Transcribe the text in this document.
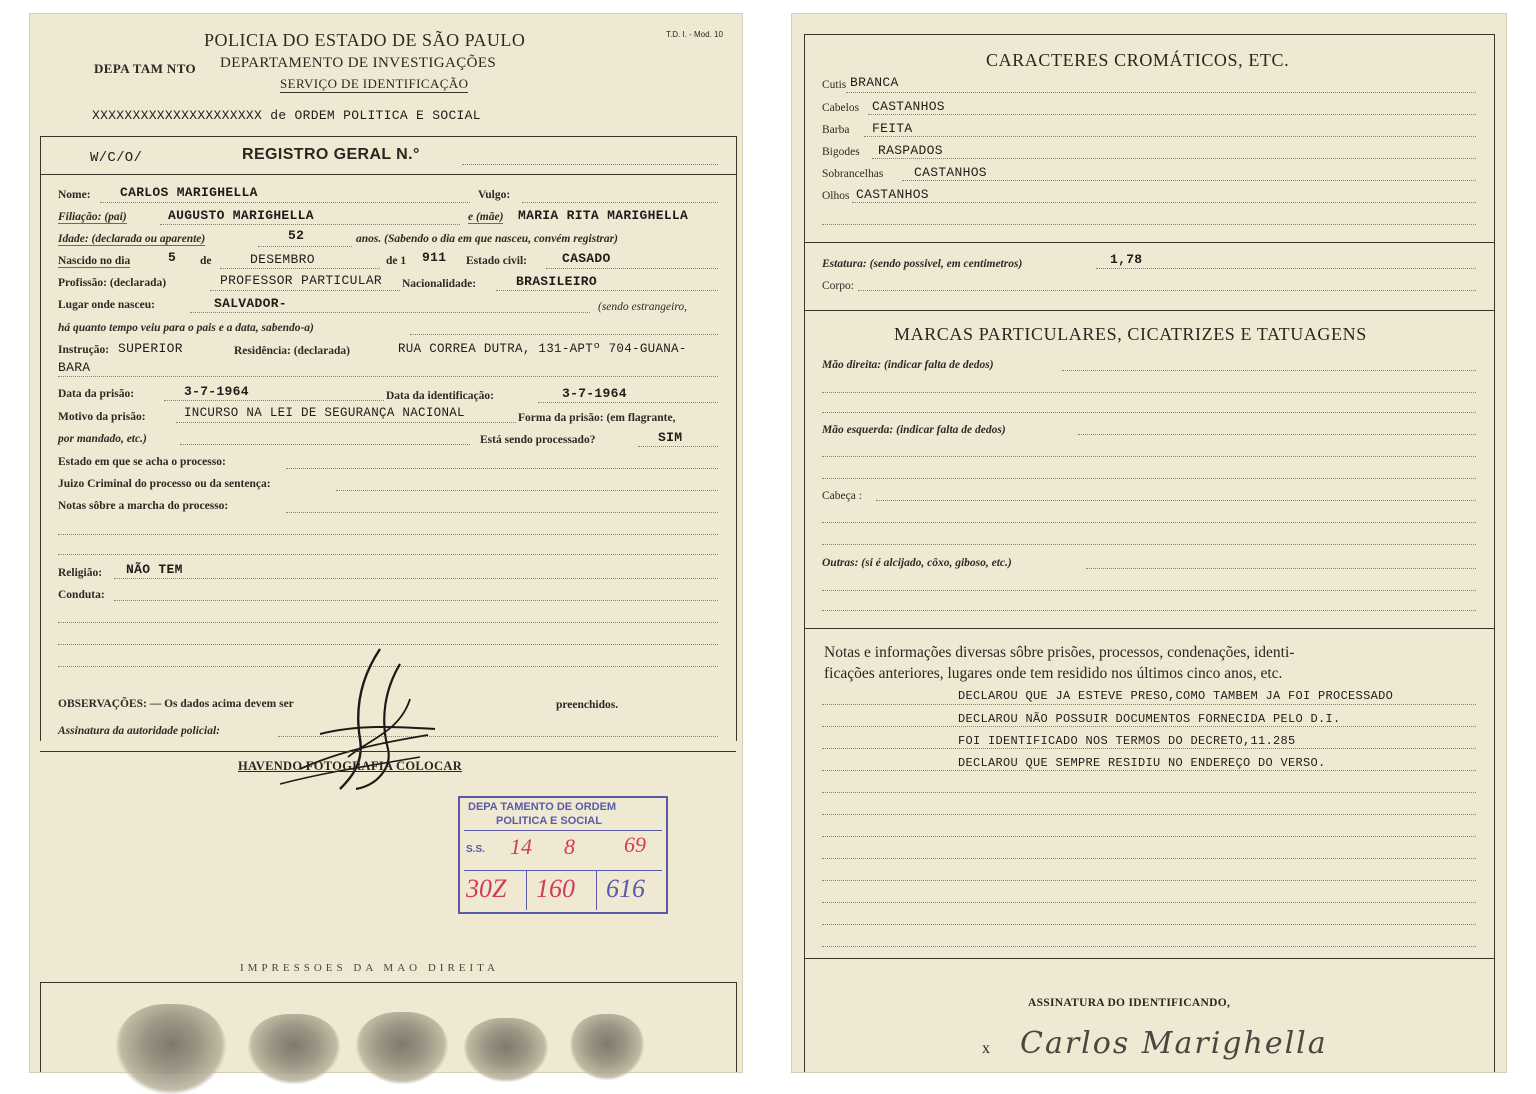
T.D. I. - Mod. 10
POLICIA DO ESTADO DE SÃO PAULO
DEPA TAM NTO DEPARTAMENTO DE INVESTIGAÇÕES
SERVIÇO DE IDENTIFICAÇÃO
XXXXXXXXXXXXXXXXXXXXX de ORDEM POLITICA E SOCIAL
W/C/O/	REGISTRO GERAL N.°
Nome: CARLOS MARIGHELLA	Vulgo:
Filiação: (pai)	AUGUSTO MARIGHELLA	e (mãe) MARIA RITA MARIGHELLA
Idade: (declarada ou aparente)	52	anos. (Sabendo o dia em que nasceu, convém registrar)
Nascido no dia	5 de	DESEMBRO	de 1 911 Estado civil:	CASADO
Profissão: (declarada)	PROFESSOR PARTICULAR Nacionalidade:	BRASILEIRO
Lugar onde nasceu:	SALVADOR-	(sendo estrangeiro,
há quanto tempo veiu para o pais e a data, sabendo-a)
Instrução: SUPERIOR	Residência: (declarada)	RUA CORREA DUTRA, 131-APTº 704-GUANA-
BARA
Data da prisão:	3-7-1964	Data da identificação:	3-7-1964
Motivo da prisão:	INCURSO NA LEI DE SEGURANÇA NACIONAL	Forma da prisão: (em flagrante,
por mandado, etc.)	Está sendo processado?	SIM
Estado em que se acha o processo:
Juizo Criminal do processo ou da sentença:
Notas sôbre a marcha do processo:
Religião: NÃO TEM
Conduta:
OBSERVAÇÕES: — Os dados acima devem ser	preenchidos.
Assinatura da autoridade policial:
HAVENDO FOTOGRAFIA COLOCAR
DEPA TAMENTO DE ORDEM
POLITICA E SOCIAL
S.S. 14 8 69
30Z 160 616
IMPRESSOES DA MAO DIREITA
CARACTERES CROMÁTICOS, ETC.
Cutis BRANCA
Cabelos CASTANHOS
Barba FEITA
Bigodes RASPADOS
Sobrancelhas CASTANHOS
Olhos CASTANHOS
Estatura: (sendo possivel, em centimetros)	1,78
Corpo:
MARCAS PARTICULARES, CICATRIZES E TATUAGENS
Mão direita: (indicar falta de dedos)
Mão esquerda: (indicar falta de dedos)
Cabeça :
Outras: (si é alcijado, côxo, giboso, etc.)
Notas e informações diversas sôbre prisões, processos, condenações, identi-
ficações anteriores, lugares onde tem residido nos últimos cinco anos, etc.
DECLAROU QUE JA ESTEVE PRESO,COMO TAMBEM JA FOI PROCESSADO
DECLAROU NÃO POSSUIR DOCUMENTOS FORNECIDA PELO D.I.
FOI IDENTIFICADO NOS TERMOS DO DECRETO,11.285
DECLAROU QUE SEMPRE RESIDIU NO ENDEREÇO DO VERSO.
ASSINATURA DO IDENTIFICANDO,
x Carlos Marighella
